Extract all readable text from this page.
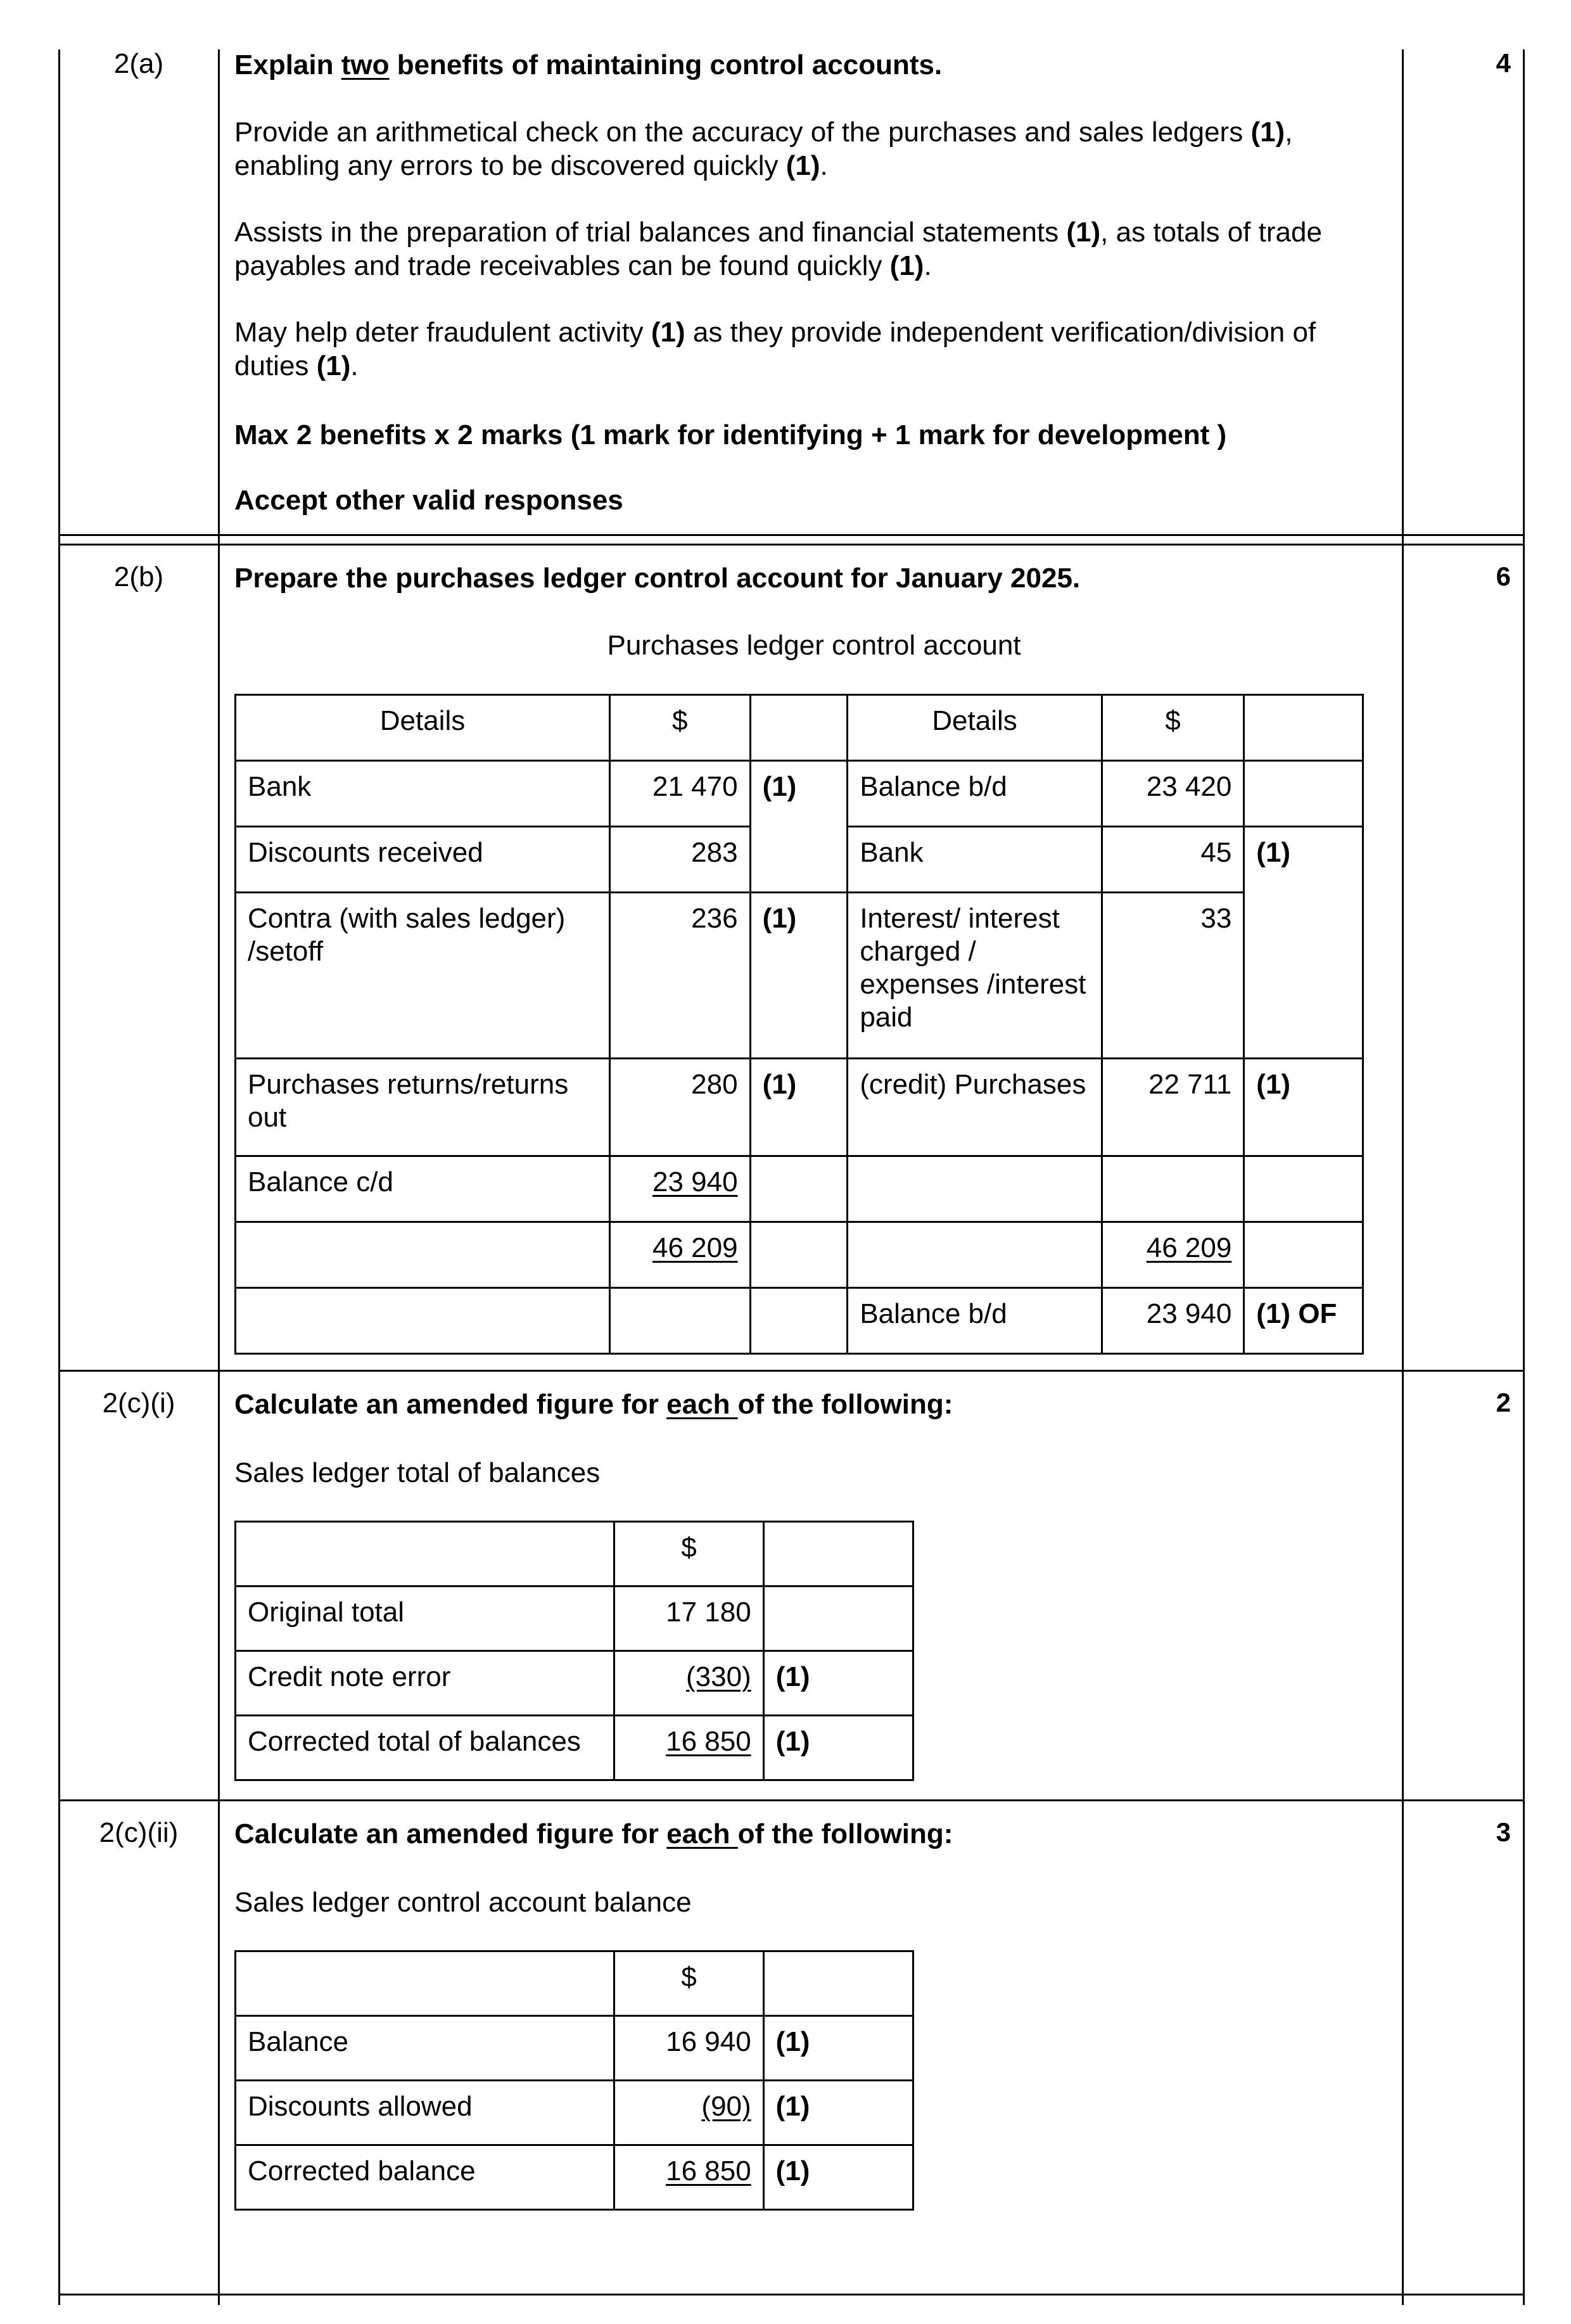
2(a)	4
Explain two benefits of maintaining control accounts.
Provide an arithmetical check on the accuracy of the purchases and sales ledgers (1), enabling any errors to be discovered quickly (1).
Assists in the preparation of trial balances and financial statements (1), as totals of trade payables and trade receivables can be found quickly (1).
May help deter fraudulent activity (1) as they provide independent verification/division of duties (1).
Max 2 benefits x 2 marks (1 mark for identifying + 1 mark for development )
Accept other valid responses
2(b)	6
Prepare the purchases ledger control account for January 2025.
Purchases ledger control account
Details	$		Details	$	
Bank	21 470	(1)	Balance b/d	23 420	
Discounts received	283		Bank	45	(1)
Contra (with sales ledger) /setoff	236	(1)	Interest/ interest charged / expenses /interest paid	33	
Purchases returns/returns out	280	(1)	(credit) Purchases	22 711	(1)
Balance c/d	23 940				
	46 209			46 209	
			Balance b/d	23 940	(1) OF
2(c)(i)	2
Calculate an amended figure for each of the following:
Sales ledger total of balances
	$	
Original total	17 180	
Credit note error	(330)	(1)
Corrected total of balances	16 850	(1)
2(c)(ii)	3
Calculate an amended figure for each of the following:
Sales ledger control account balance
	$	
Balance	16 940	(1)
Discounts allowed	(90)	(1)
Corrected balance	16 850	(1)
